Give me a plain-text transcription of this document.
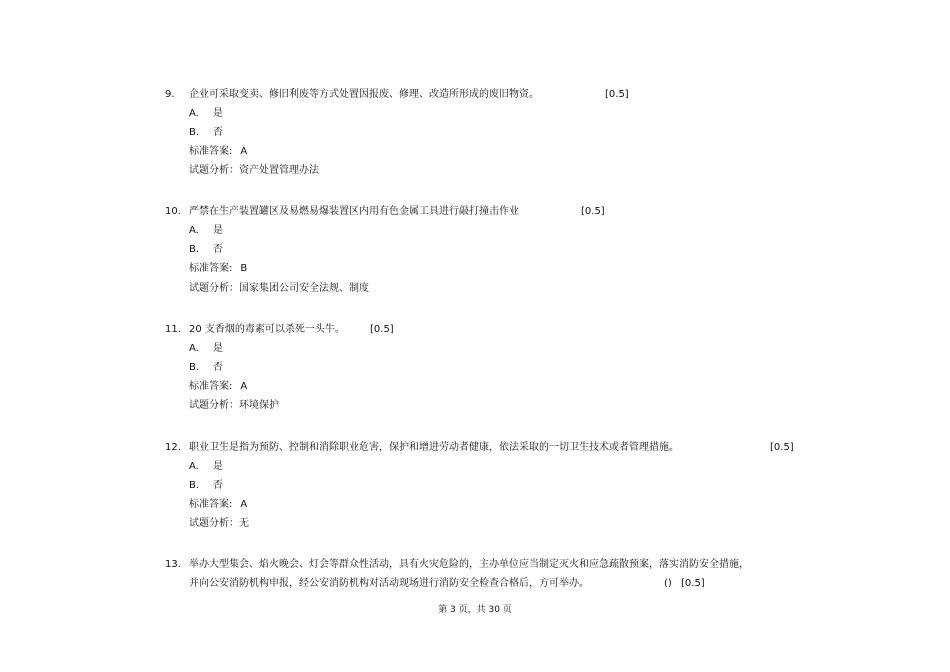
9. 企业可采取变卖、修旧利废等方式处置因报废、修理、改造所形成的废旧物资。	[0.5]
A. 是
B. 否
标准答案: A
试题分析：资产处置管理办法
10. 严禁在生产装置罐区及易燃易爆装置区内用有色金属工具进行敲打撞击作业	[0.5]
A. 是
B. 否
标准答案: B
试题分析：国家集团公司安全法规、制度
11. 20 支香烟的毒素可以杀死一头牛。	[0.5]
A. 是
B. 否
标准答案: A
试题分析：环境保护
12. 职业卫生是指为预防、控制和消除职业危害，保护和增进劳动者健康，依法采取的一切卫生技术或者管理措施。	[0.5]
A. 是
B. 否
标准答案: A
试题分析：无
13. 举办大型集会、焰火晚会、灯会等群众性活动，具有火灾危险的，主办单位应当制定灭火和应急疏散预案，落实消防安全措施，
并向公安消防机构申报，经公安消防机构对活动现场进行消防安全检查合格后，方可举办。	() [0.5]
第 3 页，共 30 页
